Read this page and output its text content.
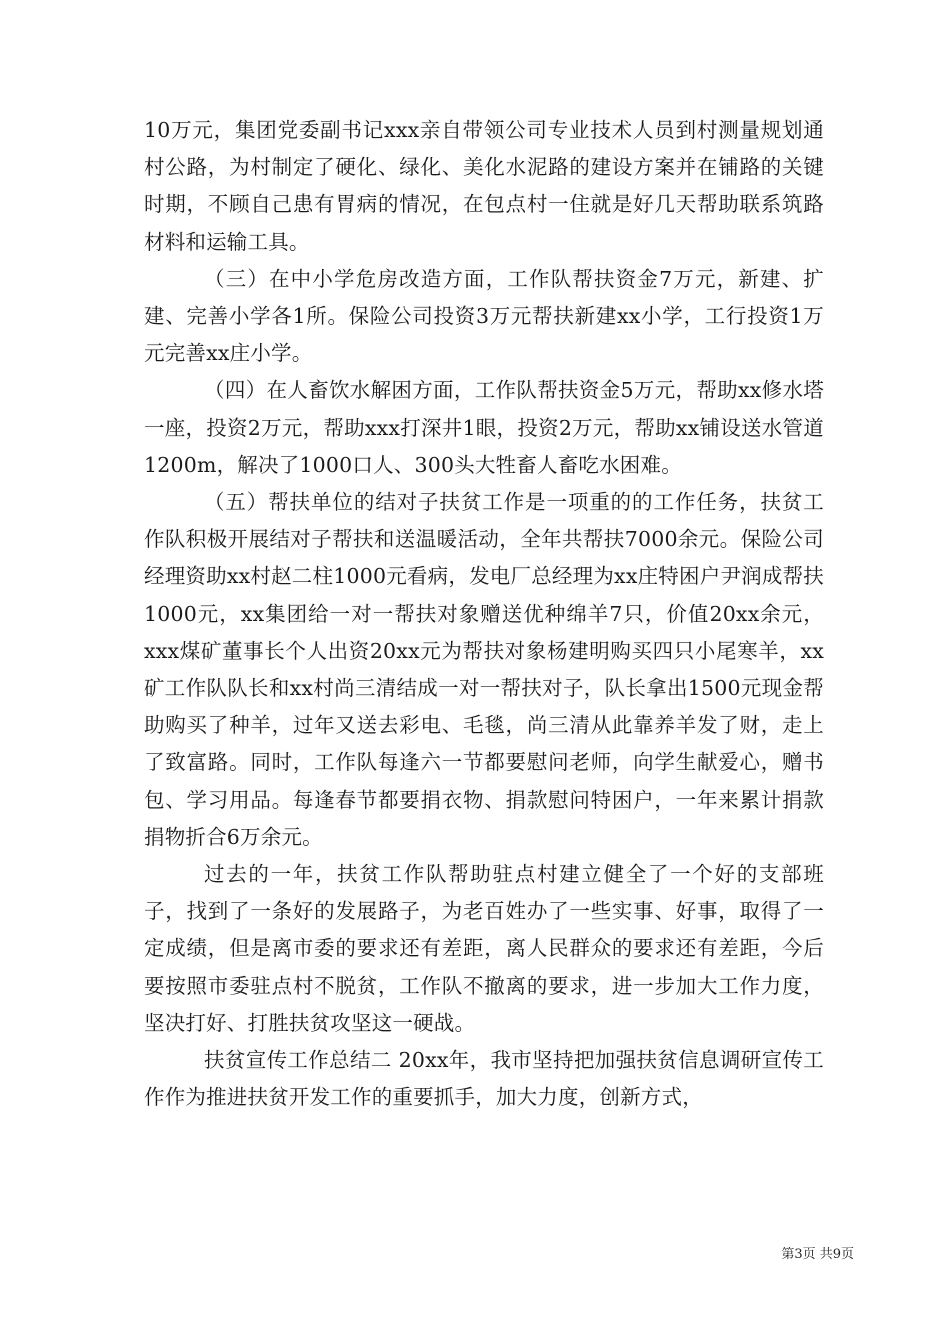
10万元，集团党委副书记xxx亲自带领公司专业技术人员到村测量规划通村公路，为村制定了硬化、绿化、美化水泥路的建设方案并在铺路的关键时期，不顾自己患有胃病的情况，在包点村一住就是好几天帮助联系筑路材料和运输工具。

（三）在中小学危房改造方面，工作队帮扶资金7万元，新建、扩建、完善小学各1所。保险公司投资3万元帮扶新建xx小学，工行投资1万元完善xx庄小学。

（四）在人畜饮水解困方面，工作队帮扶资金5万元，帮助xx修水塔一座，投资2万元，帮助xxx打深井1眼，投资2万元，帮助xx铺设送水管道1200m，解决了1000口人、300头大牲畜人畜吃水困难。

（五）帮扶单位的结对子扶贫工作是一项重的的工作任务，扶贫工作队积极开展结对子帮扶和送温暖活动，全年共帮扶7000余元。保险公司经理资助xx村赵二柱1000元看病，发电厂总经理为xx庄特困户尹润成帮扶1000元，xx集团给一对一帮扶对象赠送优种绵羊7只，价值20xx余元，xxx煤矿董事长个人出资20xx元为帮扶对象杨建明购买四只小尾寒羊，xx矿工作队队长和xx村尚三清结成一对一帮扶对子，队长拿出1500元现金帮助购买了种羊，过年又送去彩电、毛毯，尚三清从此靠养羊发了财，走上了致富路。同时，工作队每逢六一节都要慰问老师，向学生献爱心，赠书包、学习用品。每逢春节都要捐衣物、捐款慰问特困户，一年来累计捐款捐物折合6万余元。

过去的一年，扶贫工作队帮助驻点村建立健全了一个好的支部班子，找到了一条好的发展路子，为老百姓办了一些实事、好事，取得了一定成绩，但是离市委的要求还有差距，离人民群众的要求还有差距，今后要按照市委驻点村不脱贫，工作队不撤离的要求，进一步加大工作力度，坚决打好、打胜扶贫攻坚这一硬战。

扶贫宣传工作总结二 20xx年，我市坚持把加强扶贫信息调研宣传工作作为推进扶贫开发工作的重要抓手，加大力度，创新方式，

第3页 共9页
